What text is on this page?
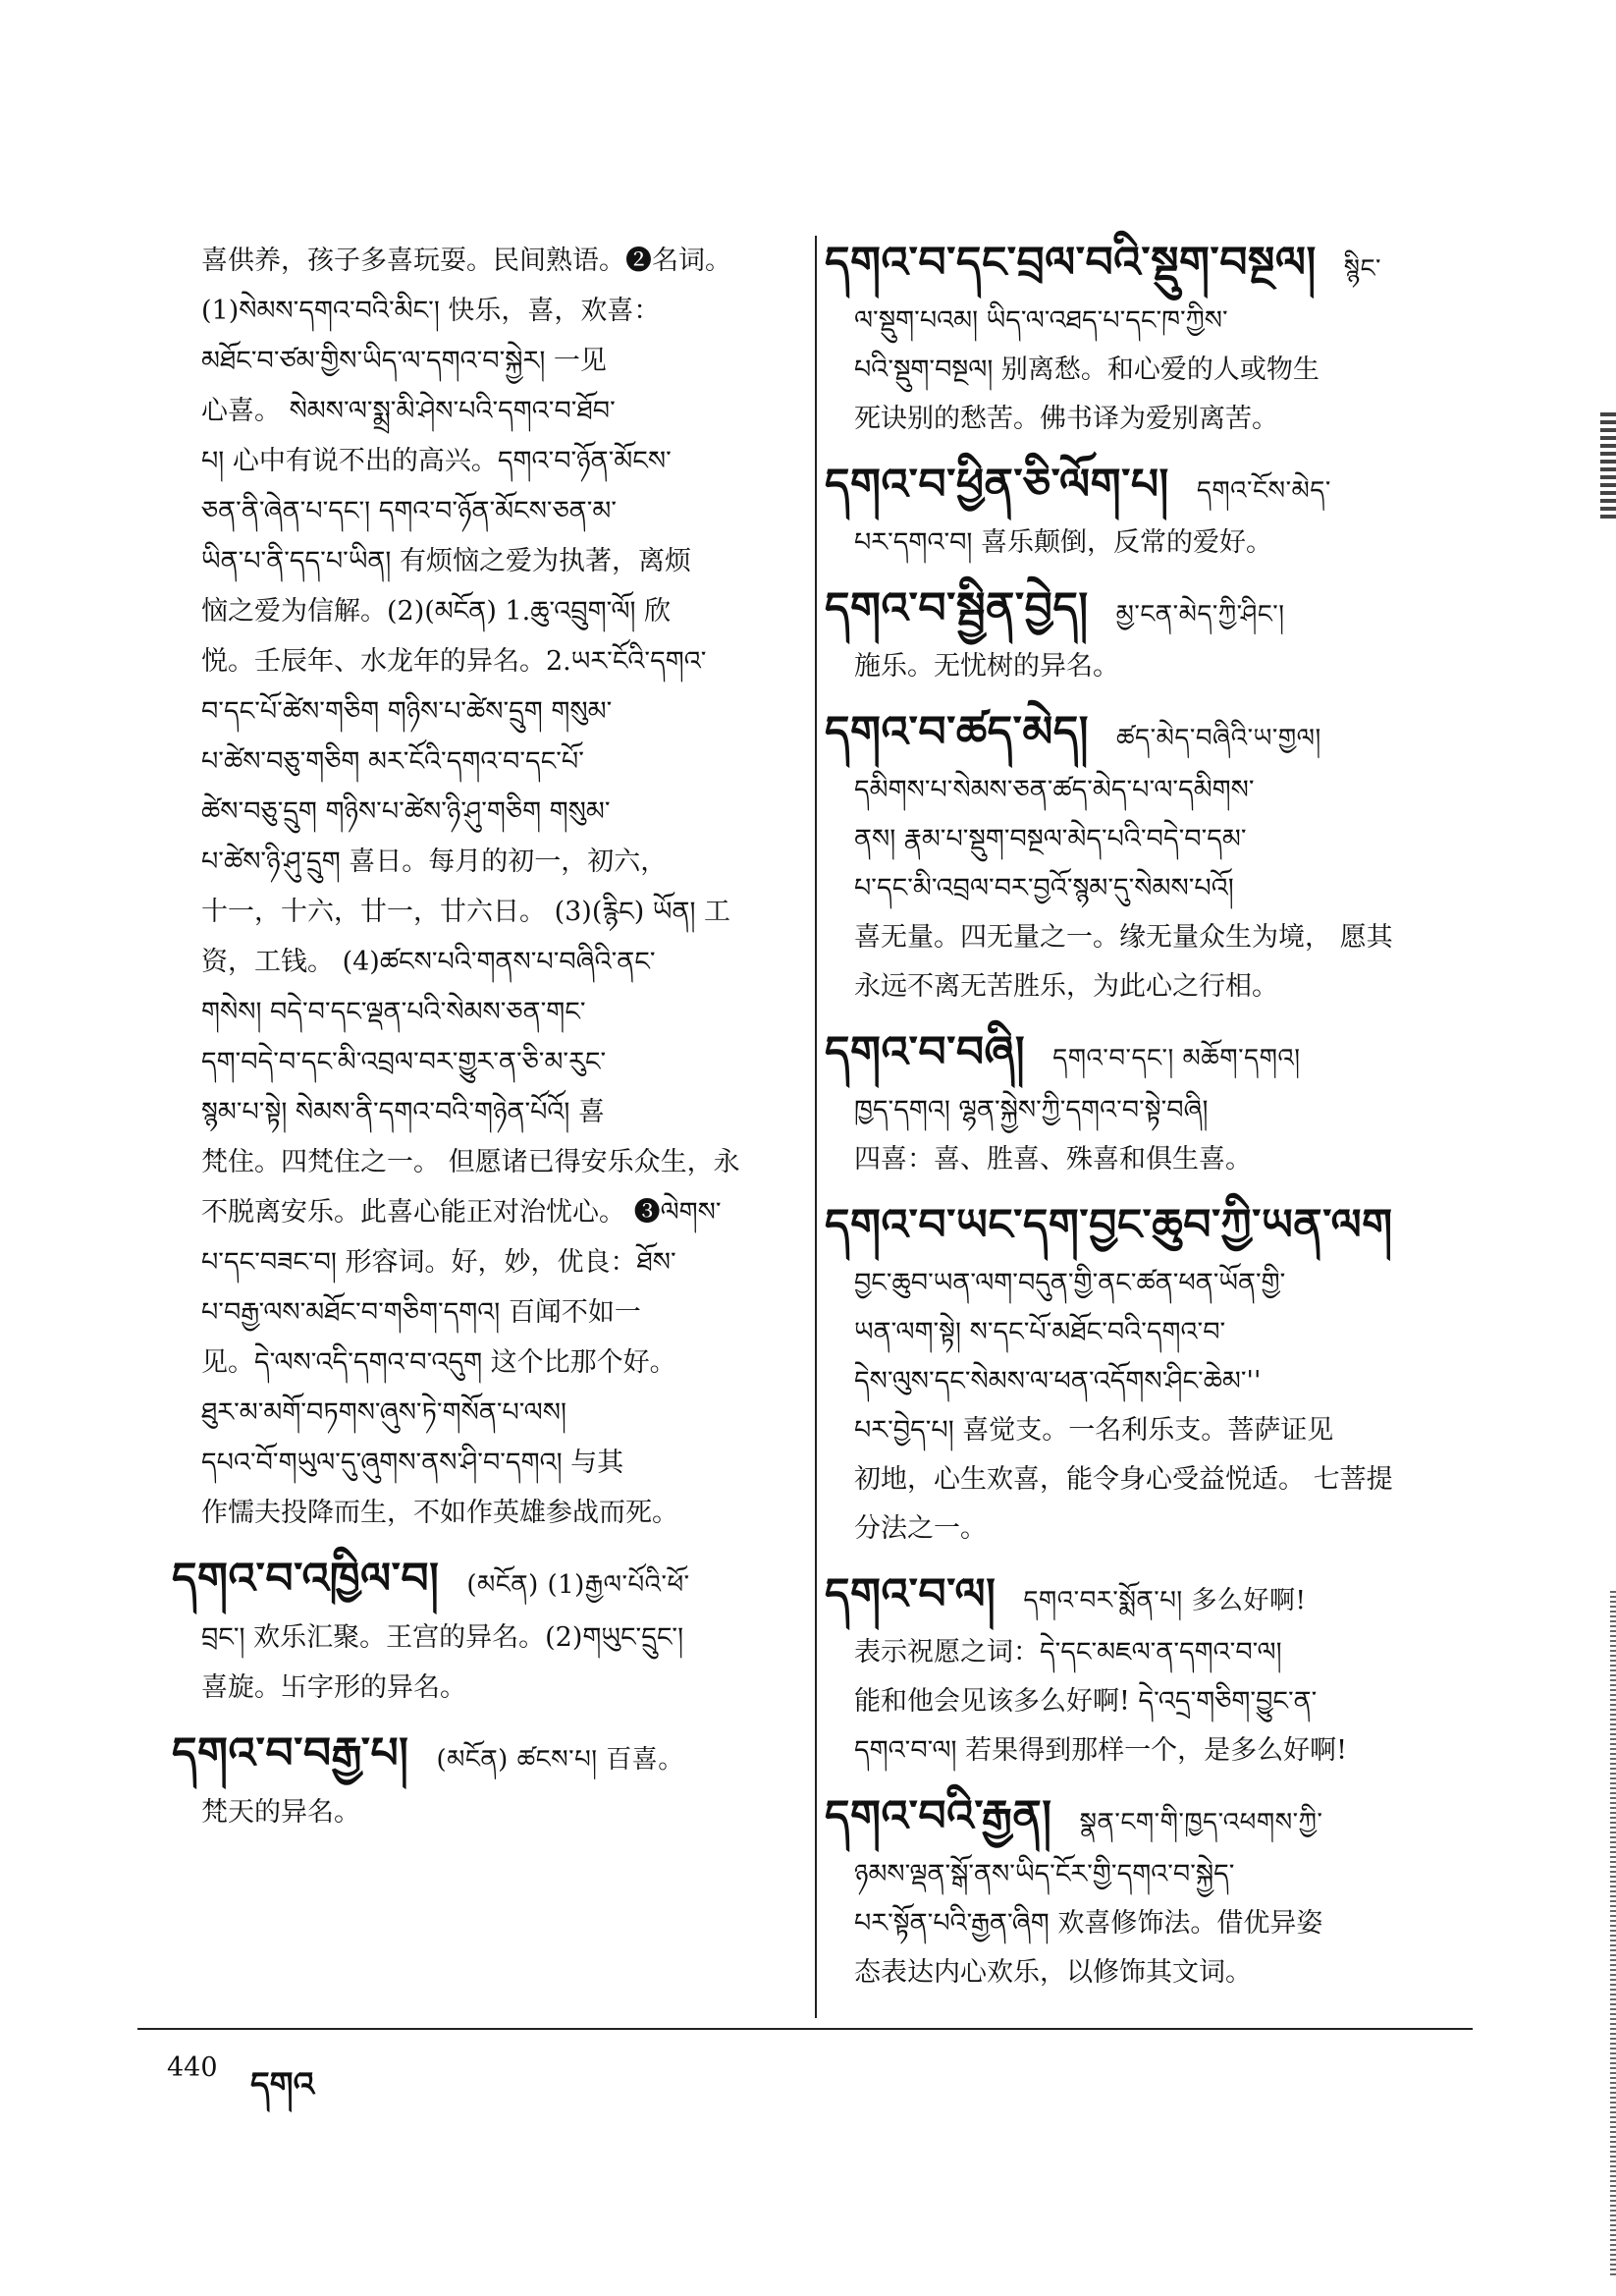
喜供养，孩子多喜玩耍。民间熟语。❷名词。
(1)སེམས་དགའ་བའི་མིང་། 快乐，喜，欢喜：
མཐོང་བ་ཙམ་གྱིས་ཡིད་ལ་དགའ་བ་སྐྱེར། 一见
心喜。 སེམས་ལ་སྨྲ་མི་ཤེས་པའི་དགའ་བ་ཐོབ་
པ། 心中有说不出的高兴。དགའ་བ་ཉོན་མོངས་
ཅན་ནི་ཞེན་པ་དང་། དགའ་བ་ཉོན་མོངས་ཅན་མ་
ཡིན་པ་ནི་དད་པ་ཡིན། 有烦恼之爱为执著，离烦
恼之爱为信解。(2)(མངོན) 1.ཆུ་འབྲུག་ལོ། 欣
悦。壬辰年、水龙年的异名。2.ཡར་ངོའི་དགའ་
བ་དང་པོ་ཚེས་གཅིག གཉིས་པ་ཚེས་དྲུག གསུམ་
པ་ཚེས་བཅུ་གཅིག མར་ངོའི་དགའ་བ་དང་པོ་
ཚེས་བཅུ་དྲུག གཉིས་པ་ཚེས་ཉི་ཤུ་གཅིག གསུམ་
པ་ཚེས་ཉི་ཤུ་དྲུག 喜日。每月的初一，初六，
十一，十六，廿一，廿六日。 (3)(རྙིང) ཡོན། 工
资，工钱。 (4)ཚངས་པའི་གནས་པ་བཞིའི་ནང་
གསེས། བདེ་བ་དང་ལྡན་པའི་སེམས་ཅན་གང་
དག་བདེ་བ་དང་མི་འབྲལ་བར་གྱུར་ན་ཅི་མ་རུང་
སྙམ་པ་སྟེ། སེམས་ནི་དགའ་བའི་གཉེན་པོའོ། 喜
梵住。四梵住之一。 但愿诸已得安乐众生，永
不脱离安乐。此喜心能正对治忧心。 ❸ལེགས་
པ་དང་བཟང་བ། 形容词。好，妙，优良：ཐོས་
པ་བརྒྱ་ལས་མཐོང་བ་གཅིག་དགའ། 百闻不如一
见。དེ་ལས་འདི་དགའ་བ་འདུག 这个比那个好。
ཐུར་མ་མགོ་བཏགས་ཞུས་ཏེ་གསོན་པ་ལས།
དཔའ་བོ་གཡུལ་དུ་ཞུགས་ནས་ཤི་བ་དགའ། 与其
作懦夫投降而生，不如作英雄参战而死。
དགའ་བ་འཁྱིལ་བ། (མངོན) (1)རྒྱལ་པོའི་ཕོ་
བྲང་། 欢乐汇聚。王宫的异名。(2)གཡུང་དྲུང་།
喜旋。卐字形的异名。
དགའ་བ་བརྒྱ་པ། (མངོན) ཚངས་པ། 百喜。
梵天的异名。
དགའ་བ་དང་བྲལ་བའི་སྡུག་བསྔལ། སྙིང་
ལ་སྡུག་པའམ། ཡིད་ལ་འཐད་པ་དང་ཁ་ཀྱིས་
པའི་སྡུག་བསྔལ། 别离愁。和心爱的人或物生
死诀别的愁苦。佛书译为爱别离苦。
དགའ་བ་ཕྱིན་ཅི་ལོག་པ། དགའ་ངོས་མེད་
པར་དགའ་བ། 喜乐颠倒，反常的爱好。
དགའ་བ་སྦྱིན་བྱེད། མྱ་ངན་མེད་ཀྱི་ཤིང་།
施乐。无忧树的异名。
དགའ་བ་ཚད་མེད། ཚད་མེད་བཞིའི་ཡ་གྱལ།
དམིགས་པ་སེམས་ཅན་ཚད་མེད་པ་ལ་དམིགས་
ནས། རྣམ་པ་སྡུག་བསྔལ་མེད་པའི་བདེ་བ་དམ་
པ་དང་མི་འབྲལ་བར་བྱའོ་སྙམ་དུ་སེམས་པའོ།
喜无量。四无量之一。缘无量众生为境， 愿其
永远不离无苦胜乐，为此心之行相。
དགའ་བ་བཞི། དགའ་བ་དང་། མཆོག་དགའ།
ཁྱད་དགའ། ལྷན་སྐྱེས་ཀྱི་དགའ་བ་སྟེ་བཞི།
四喜：喜、胜喜、殊喜和俱生喜。
དགའ་བ་ཡང་དག་བྱང་ཆུབ་ཀྱི་ཡན་ལག
བྱང་ཆུབ་ཡན་ལག་བདུན་གྱི་ནང་ཚན་ཕན་ཡོན་གྱི་
ཡན་ལག་སྟེ། ས་དང་པོ་མཐོང་བའི་དགའ་བ་
དེས་ལུས་དང་སེམས་ལ་ཕན་འདོགས་ཤིང་ཆེམ་''
པར་བྱེད་པ། 喜觉支。一名利乐支。菩萨证见
初地，心生欢喜，能令身心受益悦适。 七菩提
分法之一。
དགའ་བ་ལ། དགའ་བར་སྨོན་པ། 多么好啊!
表示祝愿之词：དེ་དང་མཇལ་ན་དགའ་བ་ལ།
能和他会见该多么好啊! དེ་འདྲ་གཅིག་བྱུང་ན་
དགའ་བ་ལ། 若果得到那样一个，是多么好啊!
དགའ་བའི་རྒྱན། སྣན་ངག་གི་ཁྱད་འཕགས་ཀྱི་
ཉམས་ལྡན་སྒོ་ནས་ཡིད་ངོར་གྱི་དགའ་བ་སྐྱེད་
པར་སྟོན་པའི་རྒྱན་ཞིག 欢喜修饰法。借优异姿
态表达内心欢乐，以修饰其文词。
440 དགའ
